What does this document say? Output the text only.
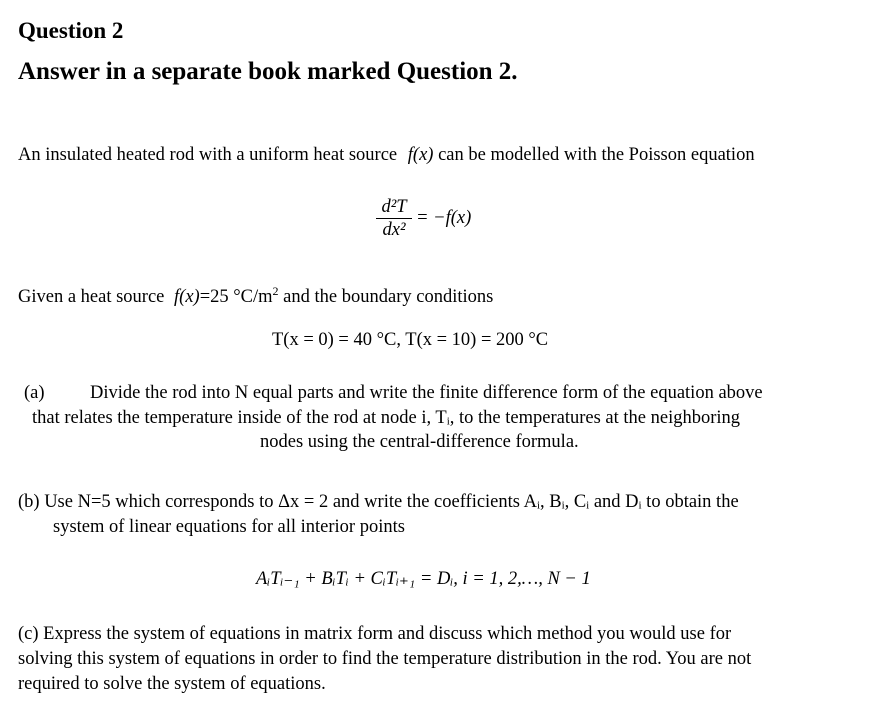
Question 2
Answer in a separate book marked Question 2.
An insulated heated rod with a uniform heat source f(x) can be modelled with the Poisson equation
$\frac{\text{d²T}}{\text{dx²}} = -f(x)$
Given a heat source f(x)=25 $^\circ C/m^2$ and the boundary conditions
T(x = 0) = 40 °C, T(x = 10) = 200 °C
(a) Divide the rod into N equal parts and write the finite difference form of the equation above
that relates the temperature inside of the rod at node i, Tᵢ, to the temperatures at the neighboring
nodes using the central-difference formula.
(b) Use N=5 which corresponds to Δx = 2 and write the coefficients Aᵢ, Bᵢ, Cᵢ and Dᵢ to obtain the
system of linear equations for all interior points
AᵢTᵢ₋₁ + BᵢTᵢ + CᵢTᵢ₊₁ = Dᵢ, i = 1, 2,…, N − 1
(c) Express the system of equations in matrix form and discuss which method you would use for
solving this system of equations in order to find the temperature distribution in the rod. You are not
required to solve the system of equations.
